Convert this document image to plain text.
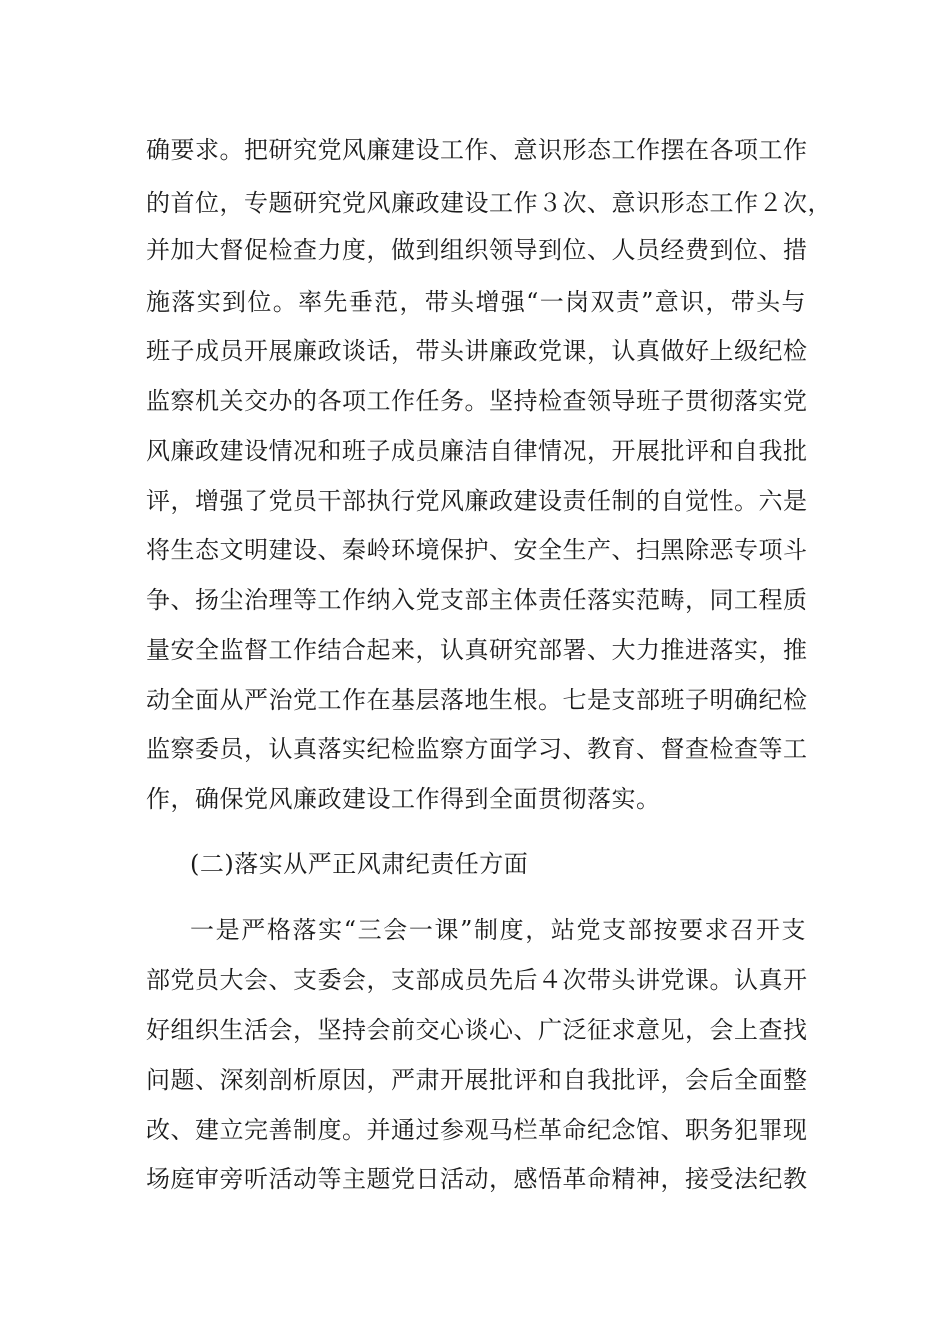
确要求。把研究党风廉建设工作、意识形态工作摆在各项工作
的首位，专题研究党风廉政建设工作３次、意识形态工作２次，
并加大督促检查力度，做到组织领导到位、人员经费到位、措
施落实到位。率先垂范，带头增强“一岗双责”意识，带头与
班子成员开展廉政谈话，带头讲廉政党课，认真做好上级纪检
监察机关交办的各项工作任务。坚持检查领导班子贯彻落实党
风廉政建设情况和班子成员廉洁自律情况，开展批评和自我批
评，增强了党员干部执行党风廉政建设责任制的自觉性。六是
将生态文明建设、秦岭环境保护、安全生产、扫黑除恶专项斗
争、扬尘治理等工作纳入党支部主体责任落实范畴，同工程质
量安全监督工作结合起来，认真研究部署、大力推进落实，推
动全面从严治党工作在基层落地生根。七是支部班子明确纪检
监察委员，认真落实纪检监察方面学习、教育、督查检查等工
作，确保党风廉政建设工作得到全面贯彻落实。
(二)落实从严正风肃纪责任方面
一是严格落实“三会一课”制度，站党支部按要求召开支
部党员大会、支委会，支部成员先后４次带头讲党课。认真开
好组织生活会，坚持会前交心谈心、广泛征求意见，会上查找
问题、深刻剖析原因，严肃开展批评和自我批评，会后全面整
改、建立完善制度。并通过参观马栏革命纪念馆、职务犯罪现
场庭审旁听活动等主题党日活动，感悟革命精神，接受法纪教
